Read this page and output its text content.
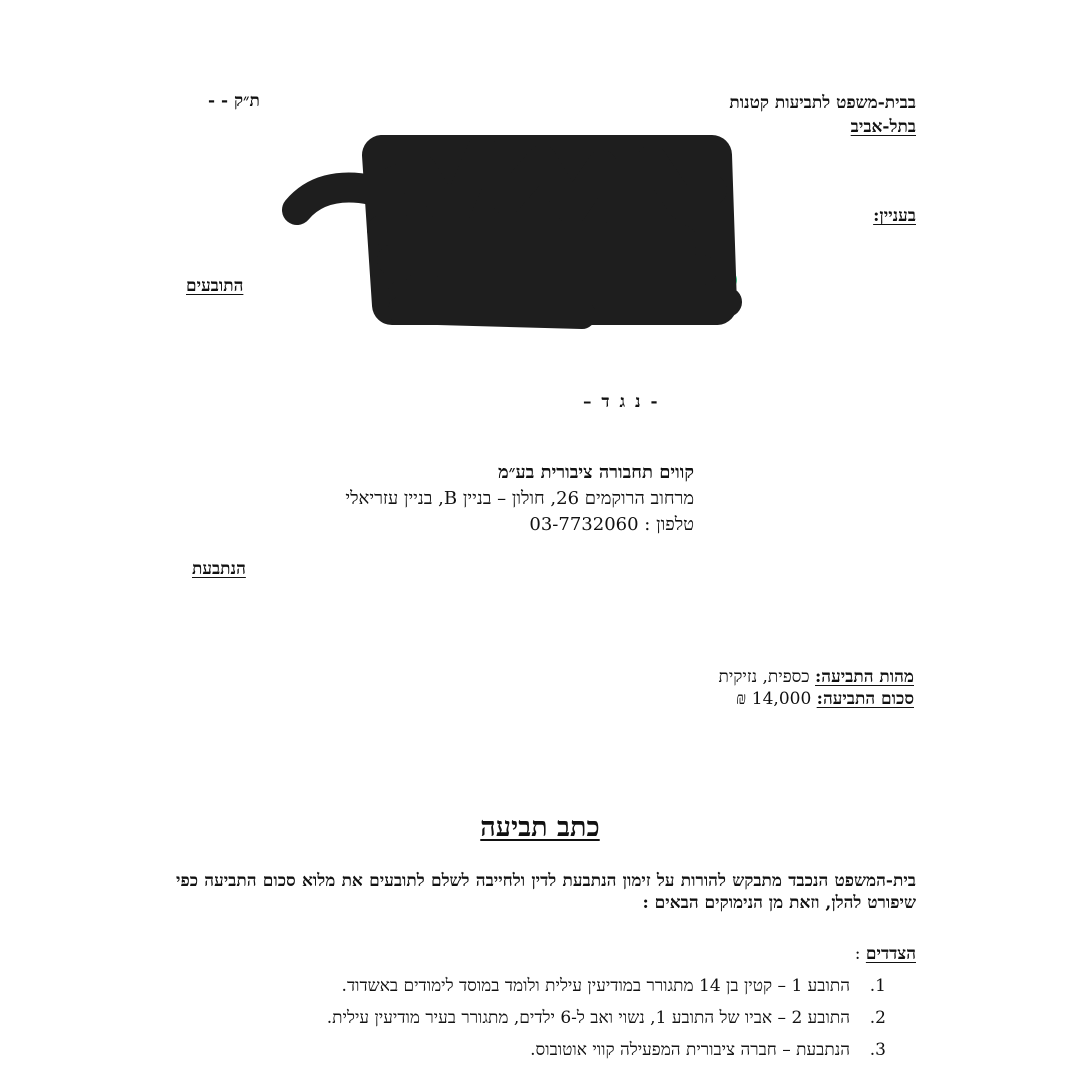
בבית-משפט לתביעות קטנות
בתל-אביב
ת״ק - -
בעניין:
התובעים
- נ ג ד –
קווים תחבורה ציבורית בע״מ
מרחוב הרוקמים 26, חולון – בניין B, בניין עזריאלי
טלפון : 03-7732060
הנתבעת
מהות התביעה: כספית, נזיקית
סכום התביעה: 14,000 ₪
כתב תביעה
בית-המשפט הנכבד מתבקש להורות על זימון הנתבעת לדין ולחייבה לשלם לתובעים את מלוא סכום התביעה כפי שיפורט להלן, וזאת מן הנימוקים הבאים :
הצדדים :
1.
התובע 1 – קטין בן 14 מתגורר במודיעין עילית ולומד במוסד לימודים באשדוד.
2.
התובע 2 – אביו של התובע 1, נשוי ואב ל-6 ילדים, מתגורר בעיר מודיעין עילית.
3.
הנתבעת – חברה ציבורית המפעילה קווי אוטובוס.
